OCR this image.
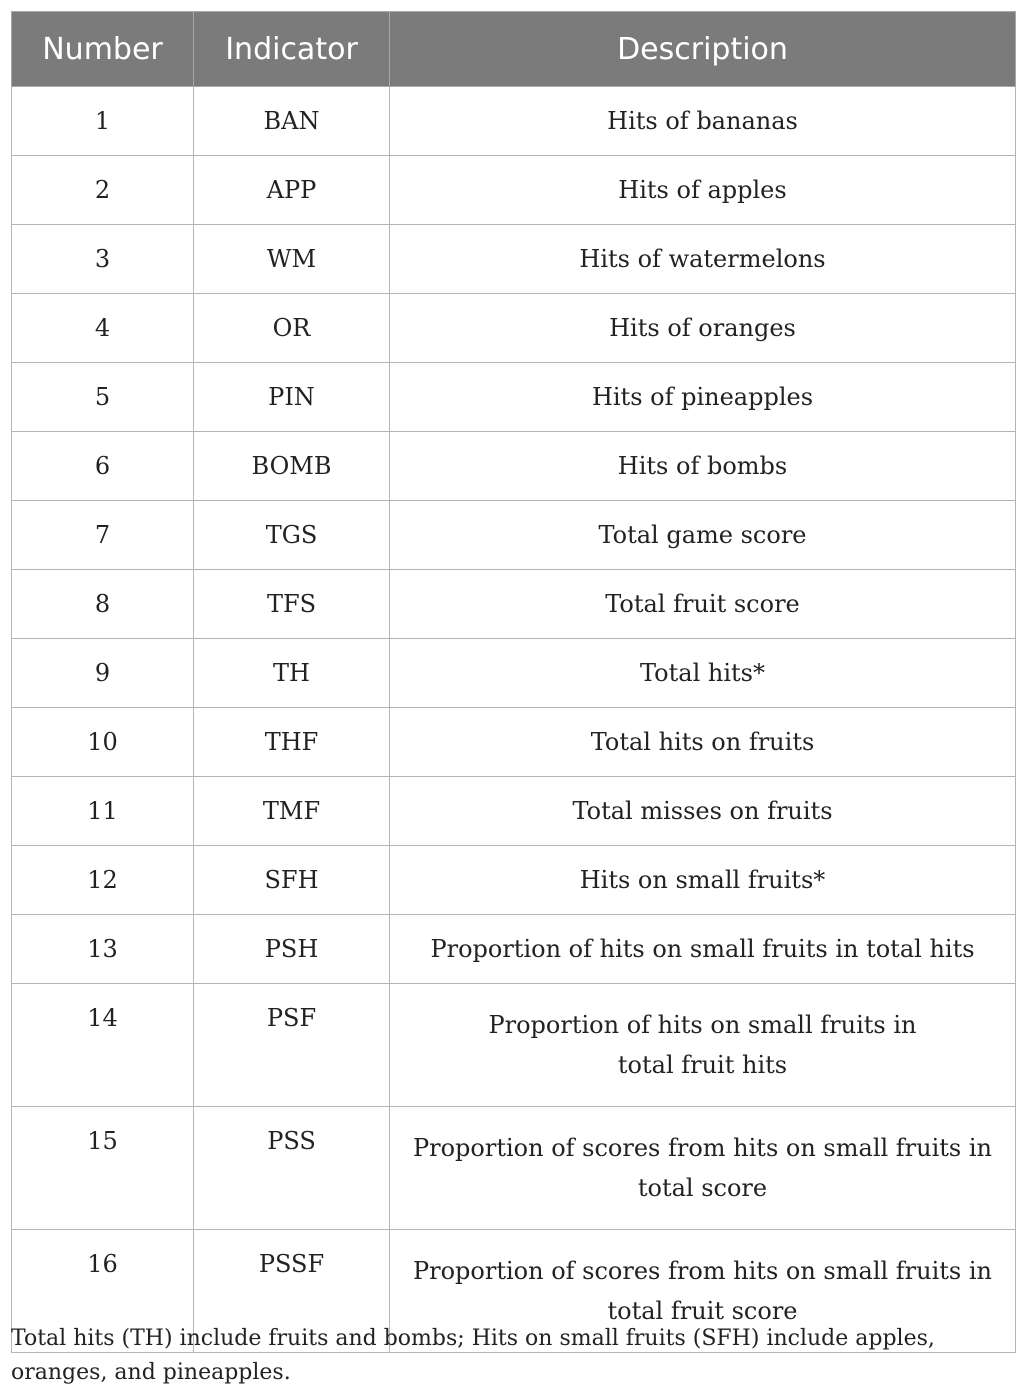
Number	Indicator	Description
1	BAN	Hits of bananas
2	APP	Hits of apples
3	WM	Hits of watermelons
4	OR	Hits of oranges
5	PIN	Hits of pineapples
6	BOMB	Hits of bombs
7	TGS	Total game score
8	TFS	Total fruit score
9	TH	Total hits*
10	THF	Total hits on fruits
11	TMF	Total misses on fruits
12	SFH	Hits on small fruits*
13	PSH	Proportion of hits on small fruits in total hits
14	PSF	Proportion of hits on small fruits in total fruit hits
15	PSS	Proportion of scores from hits on small fruits in total score
16	PSSF	Proportion of scores from hits on small fruits in total fruit score
Total hits (TH) include fruits and bombs; Hits on small fruits (SFH) include apples, oranges, and pineapples.
